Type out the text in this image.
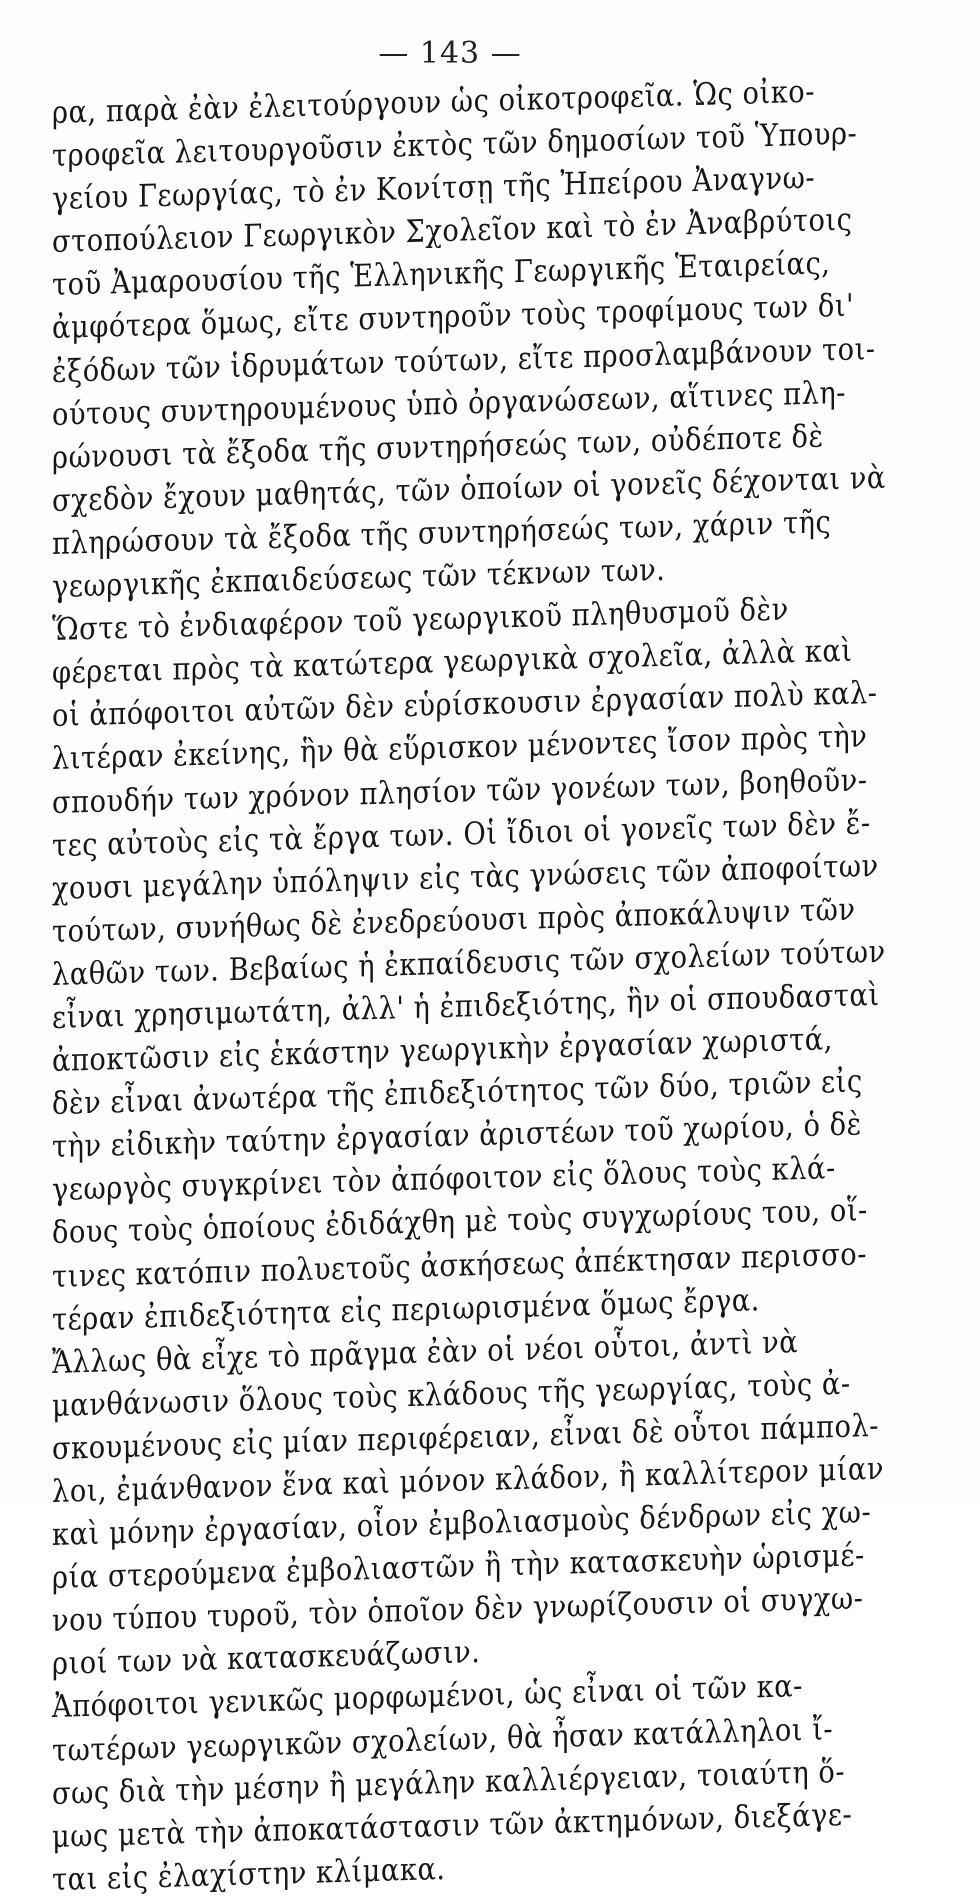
— 143 —
ρα, παρὰ ἐὰν ἐλειτούργουν ὡς οἰκοτροφεῖα. Ὡς οἰκο-
τροφεῖα λειτουργοῦσιν ἐκτὸς τῶν δημοσίων τοῦ Ὑπουρ-
γείου Γεωργίας, τὸ ἐν Κονίτσῃ τῆς Ἠπείρου Ἀναγνω-
στοπούλειον Γεωργικὸν Σχολεῖον καὶ τὸ ἐν Ἀναβρύτοις
τοῦ Ἀμαρουσίου τῆς Ἑλληνικῆς Γεωργικῆς Ἑταιρείας,
ἀμφότερα ὅμως, εἴτε συντηροῦν τοὺς τροφίμους των δι'
ἐξόδων τῶν ἱδρυμάτων τούτων, εἴτε προσλαμβάνουν τοι-
ούτους συντηρουμένους ὑπὸ ὀργανώσεων, αἵτινες πλη-
ρώνουσι τὰ ἔξοδα τῆς συντηρήσεώς των, οὐδέποτε δὲ
σχεδὸν ἔχουν μαθητάς, τῶν ὁποίων οἱ γονεῖς δέχονται νὰ
πληρώσουν τὰ ἔξοδα τῆς συντηρήσεώς των, χάριν τῆς
γεωργικῆς ἐκπαιδεύσεως τῶν τέκνων των.
Ὥστε τὸ ἐνδιαφέρον τοῦ γεωργικοῦ πληθυσμοῦ δὲν
φέρεται πρὸς τὰ κατώτερα γεωργικὰ σχολεῖα, ἀλλὰ καὶ
οἱ ἀπόφοιτοι αὐτῶν δὲν εὑρίσκουσιν ἐργασίαν πολὺ καλ-
λιτέραν ἐκείνης, ἣν θὰ εὕρισκον μένοντες ἴσον πρὸς τὴν
σπουδήν των χρόνον πλησίον τῶν γονέων των, βοηθοῦν-
τες αὐτοὺς εἰς τὰ ἔργα των. Οἱ ἴδιοι οἱ γονεῖς των δὲν ἔ-
χουσι μεγάλην ὑπόληψιν εἰς τὰς γνώσεις τῶν ἀποφοίτων
τούτων, συνήθως δὲ ἐνεδρεύουσι πρὸς ἀποκάλυψιν τῶν
λαθῶν των. Βεβαίως ἡ ἐκπαίδευσις τῶν σχολείων τούτων
εἶναι χρησιμωτάτη, ἀλλ' ἡ ἐπιδεξιότης, ἣν οἱ σπουδασταὶ
ἀποκτῶσιν εἰς ἑκάστην γεωργικὴν ἐργασίαν χωριστά,
δὲν εἶναι ἀνωτέρα τῆς ἐπιδεξιότητος τῶν δύο, τριῶν εἰς
τὴν εἰδικὴν ταύτην ἐργασίαν ἀριστέων τοῦ χωρίου, ὁ δὲ
γεωργὸς συγκρίνει τὸν ἀπόφοιτον εἰς ὅλους τοὺς κλά-
δους τοὺς ὁποίους ἐδιδάχθη μὲ τοὺς συγχωρίους του, οἵ-
τινες κατόπιν πολυετοῦς ἀσκήσεως ἀπέκτησαν περισσο-
τέραν ἐπιδεξιότητα εἰς περιωρισμένα ὅμως ἔργα.
Ἄλλως θὰ εἶχε τὸ πρᾶγμα ἐὰν οἱ νέοι οὗτοι, ἀντὶ νὰ
μανθάνωσιν ὅλους τοὺς κλάδους τῆς γεωργίας, τοὺς ἀ-
σκουμένους εἰς μίαν περιφέρειαν, εἶναι δὲ οὗτοι πάμπολ-
λοι, ἐμάνθανον ἕνα καὶ μόνον κλάδον, ἢ καλλίτερον μίαν
καὶ μόνην ἐργασίαν, οἷον ἐμβολιασμοὺς δένδρων εἰς χω-
ρία στερούμενα ἐμβολιαστῶν ἢ τὴν κατασκευὴν ὡρισμέ-
νου τύπου τυροῦ, τὸν ὁποῖον δὲν γνωρίζουσιν οἱ συγχω-
ριοί των νὰ κατασκευάζωσιν.
Ἀπόφοιτοι γενικῶς μορφωμένοι, ὡς εἶναι οἱ τῶν κα-
τωτέρων γεωργικῶν σχολείων, θὰ ἦσαν κατάλληλοι ἴ-
σως διὰ τὴν μέσην ἢ μεγάλην καλλιέργειαν, τοιαύτη ὅ-
μως μετὰ τὴν ἀποκατάστασιν τῶν ἀκτημόνων, διεξάγε-
ται εἰς ἐλαχίστην κλίμακα.
